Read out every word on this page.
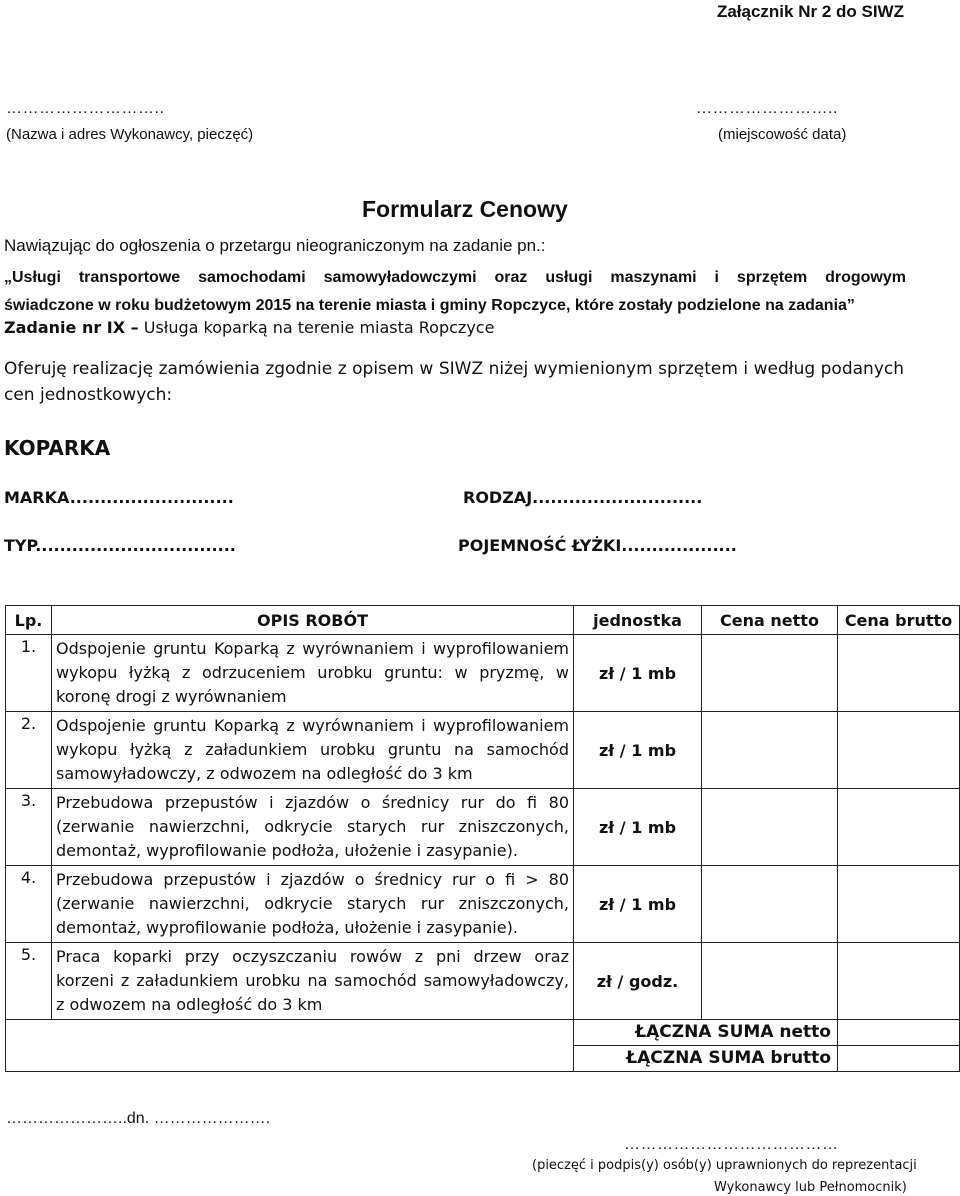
Załącznik Nr 2 do SIWZ
………………………..	……………………..
(Nazwa i adres Wykonawcy, pieczęć)	(miejscowość data)
Formularz Cenowy
Nawiązując do ogłoszenia o przetargu nieograniczonym na zadanie pn.:
„Usługi transportowe samochodami samowyładowczymi oraz usługi maszynami i sprzętem drogowym
świadczone w roku budżetowym 2015 na terenie miasta i gminy Ropczyce, które zostały podzielone na zadania”
Zadanie nr IX – Usługa koparką na terenie miasta Ropczyce
Oferuję realizację zamówienia zgodnie z opisem w SIWZ niżej wymienionym sprzętem i według podanych cen jednostkowych:
KOPARKA
MARKA...........................	RODZAJ............................
TYP.................................	POJEMNOŚĆ ŁYŻKI...................
Lp.	OPIS ROBÓT	jednostka	Cena netto	Cena brutto
1.	Odspojenie gruntu Koparką z wyrównaniem i wyprofilowaniem wykopu łyżką z odrzuceniem urobku gruntu: w pryzmę, w koronę drogi z wyrównaniem	zł / 1 mb		
2.	Odspojenie gruntu Koparką z wyrównaniem i wyprofilowaniem wykopu łyżką z załadunkiem urobku gruntu na samochód samowyładowczy, z odwozem na odległość do 3 km	zł / 1 mb		
3.	Przebudowa przepustów i zjazdów o średnicy rur do fi 80 (zerwanie nawierzchni, odkrycie starych rur zniszczonych, demontaż, wyprofilowanie podłoża, ułożenie i zasypanie).	zł / 1 mb		
4.	Przebudowa przepustów i zjazdów o średnicy rur o fi > 80 (zerwanie nawierzchni, odkrycie starych rur zniszczonych, demontaż, wyprofilowanie podłoża, ułożenie i zasypanie).	zł / 1 mb		
5.	Praca koparki przy oczyszczaniu rowów z pni drzew oraz korzeni z załadunkiem urobku na samochód samowyładowczy, z odwozem na odległość do 3 km	zł / godz.		
		ŁĄCZNA SUMA netto		
		ŁĄCZNA SUMA brutto		
…………………..dn. ………………….
…………………………………
(pieczęć i podpis(y) osób(y) uprawnionych do reprezentacji
Wykonawcy lub Pełnomocnik)
